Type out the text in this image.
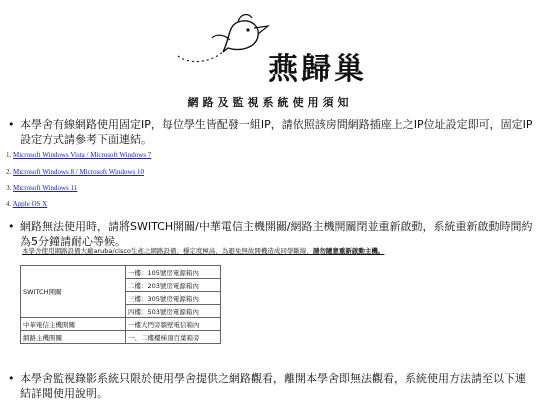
燕歸巢
網路及監視系統使用須知
• 本學舍有線網路使用固定IP，每位學生皆配發一組IP，請依照該房間網路插座上之IP位址設定即可，固定IP設定方式請參考下面連結。
1. Microsoft Windows Vista / Microsoft Windows 7
2. Microsoft Windows 8 / Microsoft Windows 10
3. Microsoft Windows 11
4. Apple OS X
• 網路無法使用時，請將SWITCH開關/中華電信主機開關/網路主機開關閉並重新啟動，系統重新啟動時間約為5分鐘請耐心等候。
本學舍使用網路設備大廠aruba/cisco生產之網路設備，穩定度極高，為避免無故開機造成同學斷線，請勿隨意重新啟動主機。
SWITCH開關	一樓：105號房電源箱內
	二樓：203號房電源箱內
	三樓：305號房電源箱內
	四樓：503號房電源箱內
中華電信主機開關	一樓大門旁牆壁電信箱內
網路主機開關	一、二樓樓梯頂百葉箱旁
• 本學舍監視錄影系統只限於使用學舍提供之網路觀看，離開本學舍即無法觀看，系統使用方法請至以下連結詳閱使用說明。
